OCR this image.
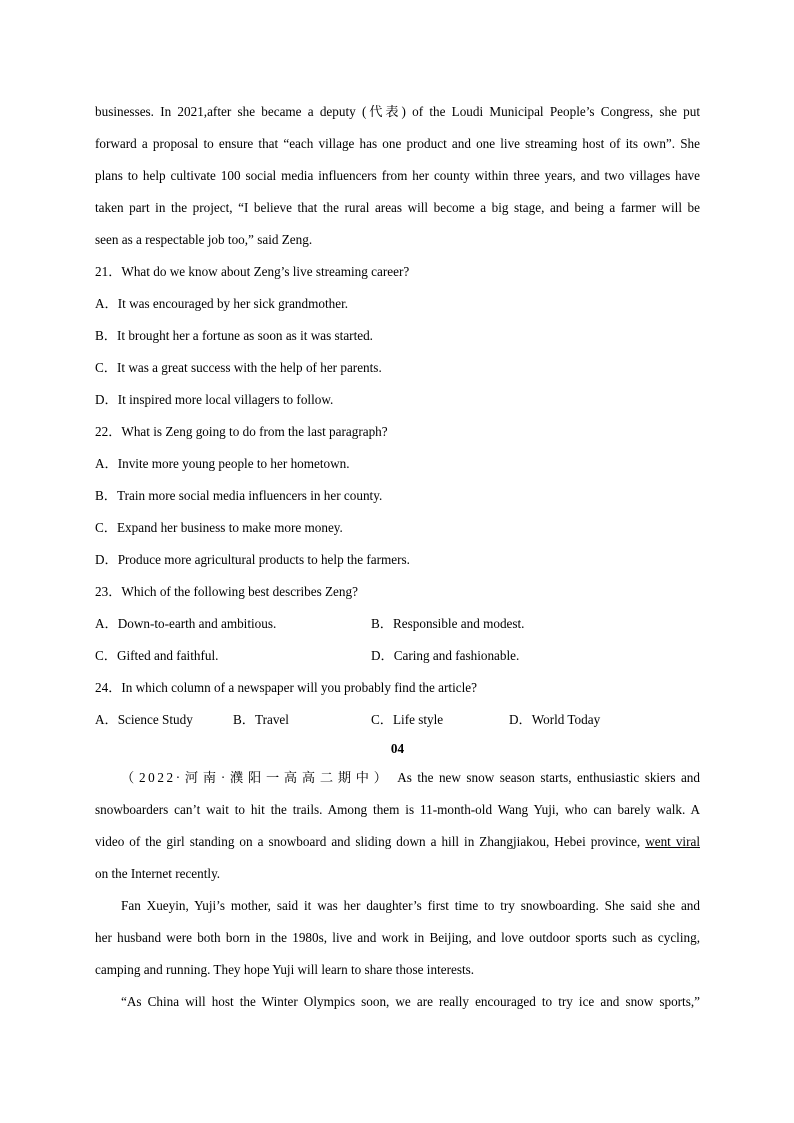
businesses. In 2021,after she became a deputy (代表) of the Loudi Municipal People’s Congress, she put
forward a proposal to ensure that “each village has one product and one live streaming host of its own”. She
plans to help cultivate 100 social media influencers from her county within three years, and two villages have
taken part in the project, “I believe that the rural areas will become a big stage, and being a farmer will be
seen as a respectable job too,” said Zeng.
21．What do we know about Zeng’s live streaming career?
A．It was encouraged by her sick grandmother.
B．It brought her a fortune as soon as it was started.
C．It was a great success with the help of her parents.
D．It inspired more local villagers to follow.
22．What is Zeng going to do from the last paragraph?
A．Invite more young people to her hometown.
B．Train more social media influencers in her county.
C．Expand her business to make more money.
D．Produce more agricultural products to help the farmers.
23．Which of the following best describes Zeng?
A．Down-to-earth and ambitious.	B．Responsible and modest.
C．Gifted and faithful.	D．Caring and fashionable.
24．In which column of a newspaper will you probably find the article?
A．Science Study	B．Travel	C．Life style	D．World Today
04
（2022·河南·濮阳一高高二期中） As the new snow season starts, enthusiastic skiers and
snowboarders can’t wait to hit the trails. Among them is 11-month-old Wang Yuji, who can barely walk. A
video of the girl standing on a snowboard and sliding down a hill in Zhangjiakou, Hebei province, went viral
on the Internet recently.
Fan Xueyin, Yuji’s mother, said it was her daughter’s first time to try snowboarding. She said she and
her husband were both born in the 1980s, live and work in Beijing, and love outdoor sports such as cycling,
camping and running. They hope Yuji will learn to share those interests.
“As China will host the Winter Olympics soon, we are really encouraged to try ice and snow sports,”
